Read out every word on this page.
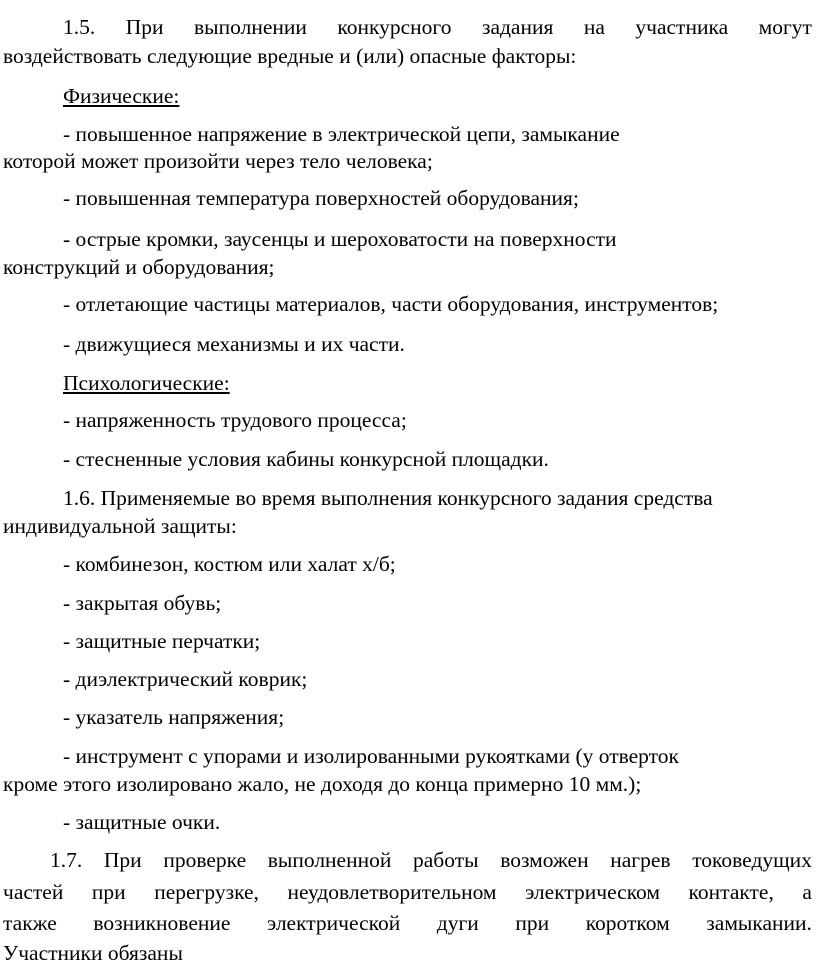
1.5. При выполнении конкурсного задания на участника могут
воздействовать следующие вредные и (или) опасные факторы:
Физические:
- повышенное напряжение в электрической цепи, замыкание
которой может произойти через тело человека;
- повышенная температура поверхностей оборудования;
- острые кромки, заусенцы и шероховатости на поверхности
конструкций и оборудования;
- отлетающие частицы материалов, части оборудования, инструментов;
- движущиеся механизмы и их части.
Психологические:
- напряженность трудового процесса;
- стесненные условия кабины конкурсной площадки.
1.6. Применяемые во время выполнения конкурсного задания средства
индивидуальной защиты:
- комбинезон, костюм или халат х/б;
- закрытая обувь;
- защитные перчатки;
- диэлектрический коврик;
- указатель напряжения;
- инструмент с упорами и изолированными рукоятками (у отверток
кроме этого изолировано жало, не доходя до конца примерно 10 мм.);
- защитные очки.
1.7. При проверке выполненной работы возможен нагрев токоведущих
частей при перегрузке, неудовлетворительном электрическом контакте, а
также возникновение электрической дуги при коротком замыкании.
Участники обязаны
